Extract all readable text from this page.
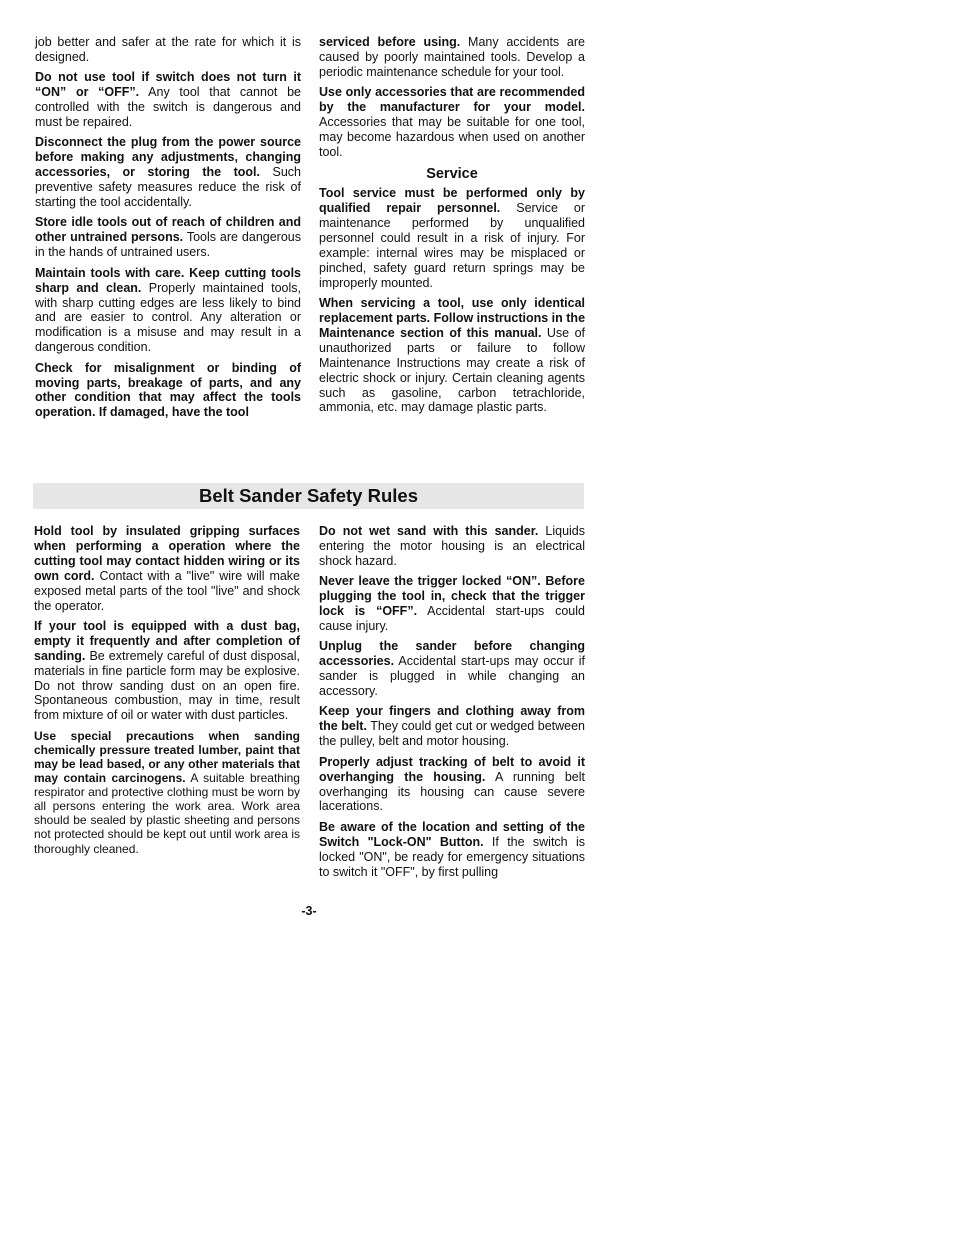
job better and safer at the rate for which it is designed.

Do not use tool if switch does not turn it “ON” or “OFF”. Any tool that cannot be controlled with the switch is dangerous and must be repaired.

Disconnect the plug from the power source before making any adjustments, changing accessories, or storing the tool. Such preventive safety measures reduce the risk of starting the tool accidentally.

Store idle tools out of reach of children and other untrained persons. Tools are dangerous in the hands of untrained users.

Maintain tools with care. Keep cutting tools sharp and clean. Properly maintained tools, with sharp cutting edges are less likely to bind and are easier to control. Any alteration or modification is a misuse and may result in a dangerous condition.

Check for misalignment or binding of moving parts, breakage of parts, and any other condition that may affect the tools operation. If damaged, have the tool

serviced before using. Many accidents are caused by poorly maintained tools. Develop a periodic maintenance schedule for your tool.

Use only accessories that are recommended by the manufacturer for your model. Accessories that may be suitable for one tool, may become hazardous when used on another tool.

Service

Tool service must be performed only by qualified repair personnel. Service or maintenance performed by unqualified personnel could result in a risk of injury. For example: internal wires may be misplaced or pinched, safety guard return springs may be improperly mounted.

When servicing a tool, use only identical replacement parts. Follow instructions in the Maintenance section of this manual. Use of unauthorized parts or failure to follow Maintenance Instructions may create a risk of electric shock or injury. Certain cleaning agents such as gasoline, carbon tetrachloride, ammonia, etc. may damage plastic parts.

Belt Sander Safety Rules

Hold tool by insulated gripping surfaces when performing a operation where the cutting tool may contact hidden wiring or its own cord. Contact with a "live" wire will make exposed metal parts of the tool "live" and shock the operator.

If your tool is equipped with a dust bag, empty it frequently and after completion of sanding. Be extremely careful of dust disposal, materials in fine particle form may be explosive. Do not throw sanding dust on an open fire. Spontaneous combustion, may in time, result from mixture of oil or water with dust particles.

Use special precautions when sanding chemically pressure treated lumber, paint that may be lead based, or any other materials that may contain carcinogens. A suitable breathing respirator and protective clothing must be worn by all persons entering the work area. Work area should be sealed by plastic sheeting and persons not protected should be kept out until work area is thoroughly cleaned.

Do not wet sand with this sander. Liquids entering the motor housing is an electrical shock hazard.

Never leave the trigger locked “ON”. Before plugging the tool in, check that the trigger lock is “OFF”. Accidental start-ups could cause injury.

Unplug the sander before changing accessories. Accidental start-ups may occur if sander is plugged in while changing an accessory.

Keep your fingers and clothing away from the belt. They could get cut or wedged between the pulley, belt and motor housing.

Properly adjust tracking of belt to avoid it overhanging the housing. A running belt overhanging its housing can cause severe lacerations.

Be aware of the location and setting of the Switch "Lock-ON" Button. If the switch is locked "ON", be ready for emergency situations to switch it "OFF", by first pulling

-3-
